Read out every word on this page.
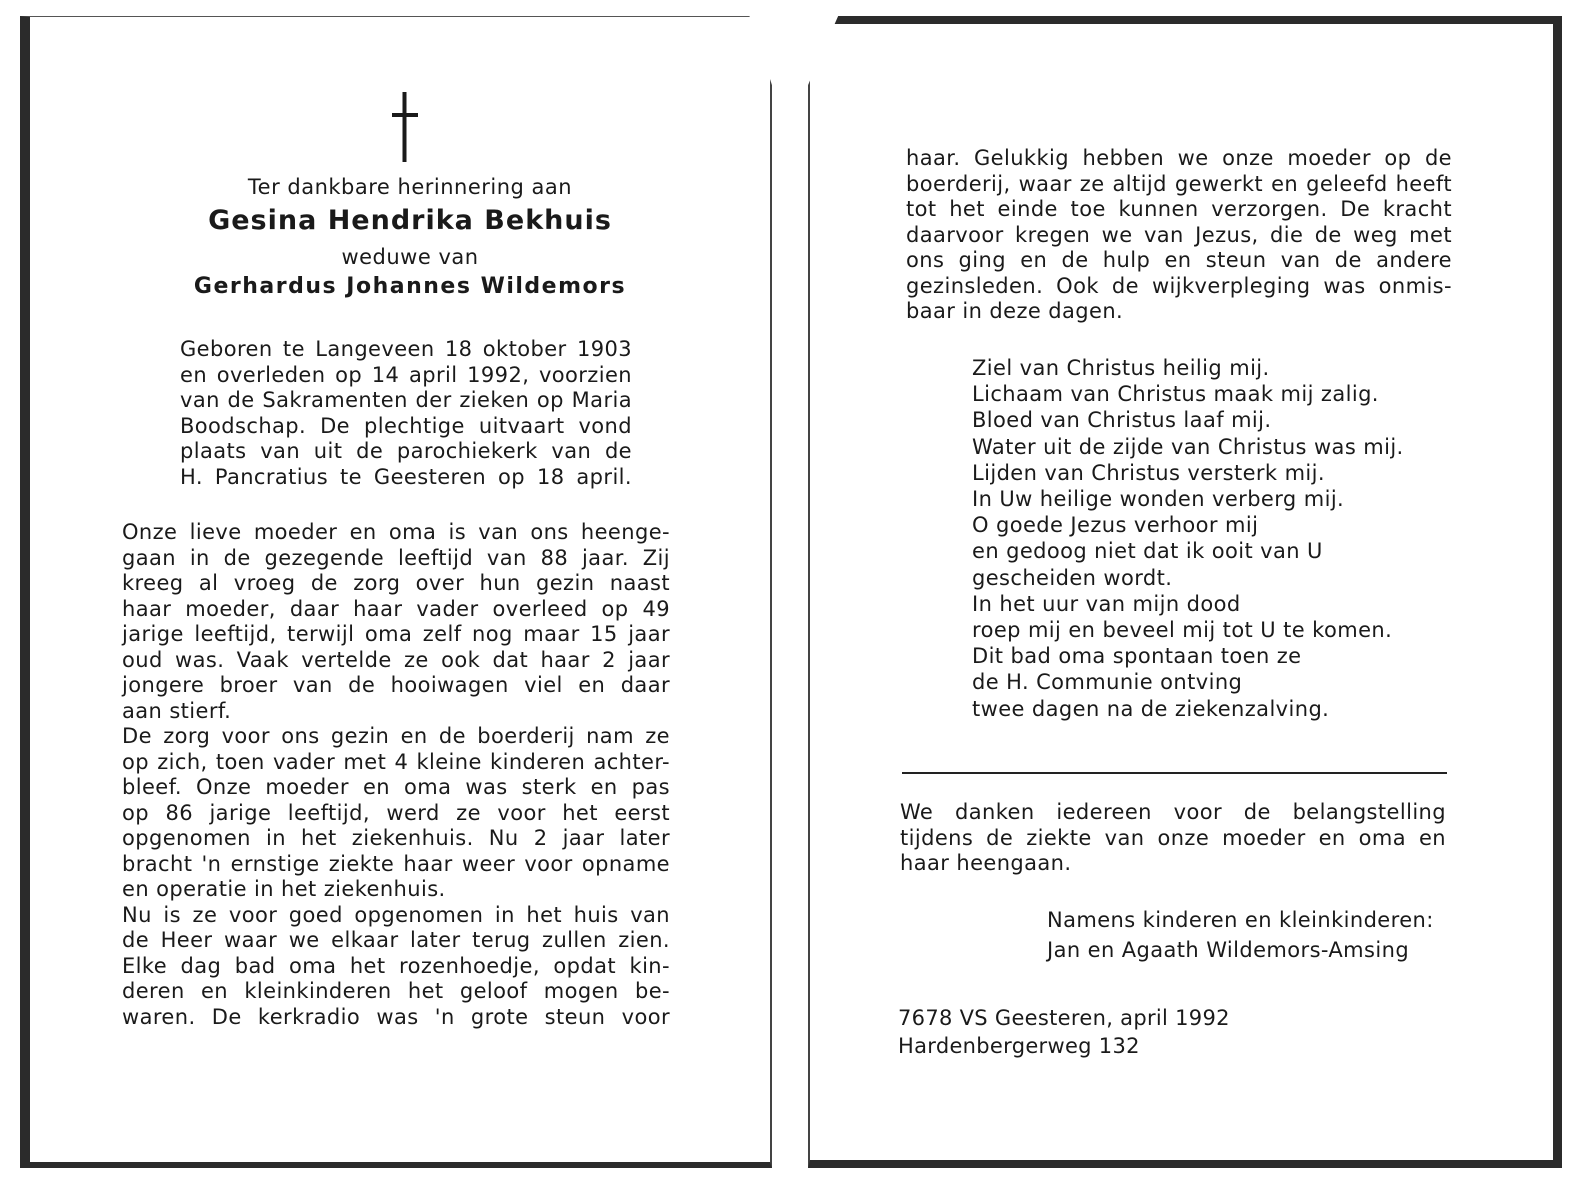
Ter dankbare herinnering aan

Gesina Hendrika Bekhuis

weduwe van

Gerhardus Johannes Wildemors

Geboren te Langeveen 18 oktober 1903
en overleden op 14 april 1992, voorzien
van de Sakramenten der zieken op Maria
Boodschap. De plechtige uitvaart vond
plaats van uit de parochiekerk van de
H. Pancratius te Geesteren op 18 april.

Onze lieve moeder en oma is van ons heenge-
gaan in de gezegende leeftijd van 88 jaar. Zij
kreeg al vroeg de zorg over hun gezin naast
haar moeder, daar haar vader overleed op 49
jarige leeftijd, terwijl oma zelf nog maar 15 jaar
oud was. Vaak vertelde ze ook dat haar 2 jaar
jongere broer van de hooiwagen viel en daar
aan stierf.
De zorg voor ons gezin en de boerderij nam ze
op zich, toen vader met 4 kleine kinderen achter-
bleef. Onze moeder en oma was sterk en pas
op 86 jarige leeftijd, werd ze voor het eerst
opgenomen in het ziekenhuis. Nu 2 jaar later
bracht 'n ernstige ziekte haar weer voor opname
en operatie in het ziekenhuis.
Nu is ze voor goed opgenomen in het huis van
de Heer waar we elkaar later terug zullen zien.
Elke dag bad oma het rozenhoedje, opdat kin-
deren en kleinkinderen het geloof mogen be-
waren. De kerkradio was 'n grote steun voor

haar. Gelukkig hebben we onze moeder op de
boerderij, waar ze altijd gewerkt en geleefd heeft
tot het einde toe kunnen verzorgen. De kracht
daarvoor kregen we van Jezus, die de weg met
ons ging en de hulp en steun van de andere
gezinsleden. Ook de wijkverpleging was onmis-
baar in deze dagen.

Ziel van Christus heilig mij.
Lichaam van Christus maak mij zalig.
Bloed van Christus laaf mij.
Water uit de zijde van Christus was mij.
Lijden van Christus versterk mij.
In Uw heilige wonden verberg mij.
O goede Jezus verhoor mij
en gedoog niet dat ik ooit van U
gescheiden wordt.
In het uur van mijn dood
roep mij en beveel mij tot U te komen.
Dit bad oma spontaan toen ze
de H. Communie ontving
twee dagen na de ziekenzalving.

We danken iedereen voor de belangstelling
tijdens de ziekte van onze moeder en oma en
haar heengaan.

Namens kinderen en kleinkinderen:
Jan en Agaath Wildemors-Amsing

7678 VS Geesteren, april 1992
Hardenbergerweg 132
